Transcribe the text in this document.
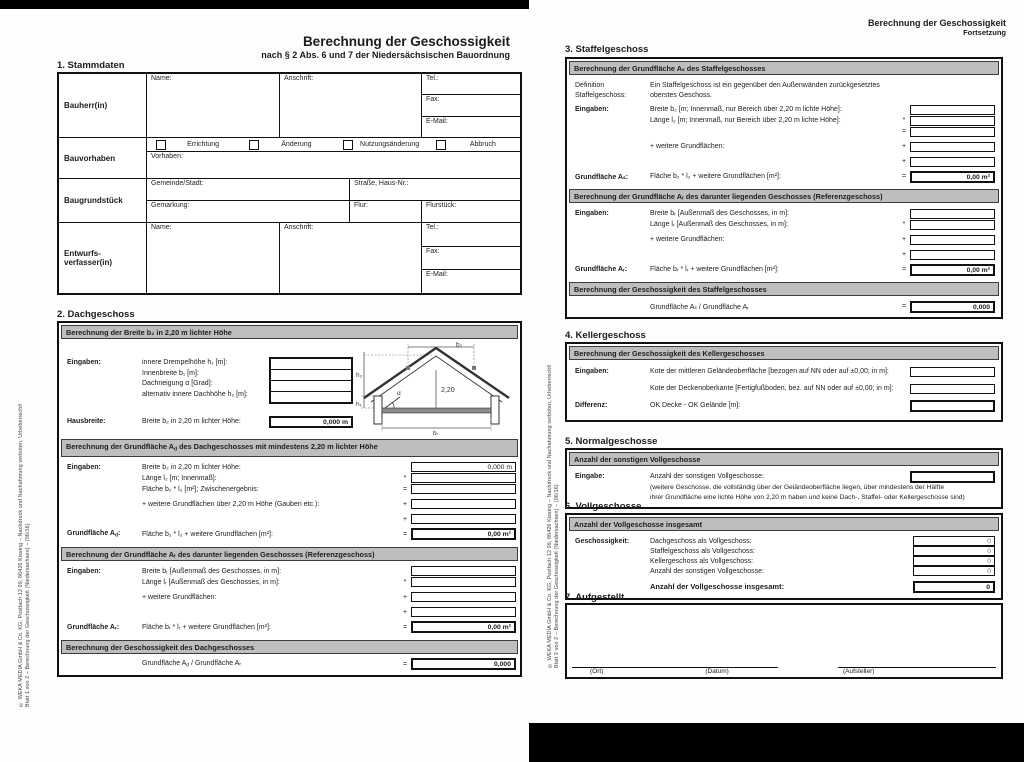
© WEKA MEDIA GmbH & Co. KG, Postfach 12 09, 86426 Kissing – Nachdruck und Nachahmung verboten, Urheberrecht! Blatt 1 von 2 – Berechnung der Geschossigkeit (Niedersachsen) – (06/16)
Berechnung der Geschossigkeit
nach § 2 Abs. 6 und 7 der Niedersächsischen Bauordnung
1. Stammdaten
Bauherr(in)
Name:	Anschrift:	Tel.:
Fax:
E-Mail:
Bauvorhaben
Errichtung	Änderung	Nutzungsänderung	Abbruch
Vorhaben:
Baugrundstück
Gemeinde/Stadt:	Straße, Haus-Nr.:
Gemarkung:	Flur:	Flurstück:
Entwurfs-
verfasser(in)
Name:	Anschrift:	Tel.:
Fax:
E-Mail:
2. Dachgeschoss
Berechnung der Breite b₂ in 2,20 m lichter Höhe
Eingaben:	innere Drempelhöhe h₁ [m]:
Innenbreite b₁ [m]:
Dachneigung α [Grad]:
alternativ innere Dachhöhe h₂ [m]:
b₂
h₂
α	2,20
h₁
b₁
Hausbreite:	Breite b₂ in 2,20 m lichter Höhe:	0,000 m
Berechnung der Grundfläche $A_d$ des Dachgeschosses mit mindestens 2,20 m lichter Höhe
Eingaben:	Breite b₂ in 2,20 m lichter Höhe:	0,000 m
Länge l₂ [m; Innenmaß]:	*
Fläche b₂ * l₂ [m²]; Zwischenergebnis:	=
+ weitere Grundflächen über 2,20 m Höhe (Gauben etc.):	+
+
Grundfläche $A_d$:	Fläche b₂ * l₂ + weitere Grundflächen [m²]:	=	0,00 m²
Berechnung der Grundfläche Aᵣ des darunter liegenden Geschosses (Referenzgeschoss)
Eingaben:	Breite bᵣ [Außenmaß des Geschosses, in m]:
Länge lᵣ [Außenmaß des Geschosses, in m]:	*
+ weitere Grundflächen:	+
+
Grundfläche Aᵣ:	Fläche bᵣ * lᵣ + weitere Grundflächen [m²]:	=	0,00 m²
Berechnung der Geschossigkeit des Dachgeschosses
Grundfläche $A_d$ / Grundfläche Aᵣ	=	0,000	© WEKA MEDIA GmbH & Co. KG, Postfach 12 09, 86426 Kissing – Nachdruck und Nachahmung verboten, Urheberrecht! Blatt 2 von 2 – Berechnung der Geschossigkeit (Niedersachsen) – (06/16)
Berechnung der Geschossigkeit
Fortsetzung
3. Staffelgeschoss
Berechnung der Grundfläche Aₛ des Staffelgeschosses
Definition	Ein Staffelgeschoss ist ein gegenüber den Außenwänden zurückgesetztes
Staffelgeschoss:	oberstes Geschoss.
Eingaben:	Breite b₂ [m; Innenmaß, nur Bereich über 2,20 m lichte Höhe]:
Länge l₂ [m; Innenmaß, nur Bereich über 2,20 m lichte Höhe]:	*
=
+ weitere Grundflächen:	+
+
Grundfläche Aₛ:	Fläche b₂ * l₂ + weitere Grundflächen [m²]:	=	0,00 m²
Berechnung der Grundfläche Aᵣ des darunter liegenden Geschosses (Referenzgeschoss)
Eingaben:	Breite bᵣ [Außenmaß des Geschosses, in m]:
Länge lᵣ [Außenmaß des Geschosses, in m]:	*
+ weitere Grundflächen:	+
+
Grundfläche Aᵣ:	Fläche bᵣ * lᵣ + weitere Grundflächen [m²]:	=	0,00 m²
Berechnung der Geschossigkeit des Staffelgeschosses
Grundfläche Aₛ / Grundfläche Aᵣ	=	0,000
4. Kellergeschoss
Berechnung der Geschossigkeit des Kellergeschosses
Eingaben:	Kote der mittleren Geländeoberfläche [bezogen auf NN oder auf ±0,00; in m]:
Kote der Deckenoberkante [Fertigfußboden, bez. auf NN oder auf ±0,00; in m]:
Differenz:	OK Decke - OK Gelände [m]:
5. Normalgeschosse
Anzahl der sonstigen Vollgeschosse
Eingabe:	Anzahl der sonstigen Vollgeschosse:
(weitere Geschosse, die vollständig über der Geländeoberfläche liegen, über mindestens der Hälfte
ihrer Grundfläche eine lichte Höhe von 2,20 m haben und keine Dach-, Staffel- oder Kellergeschosse sind)
6. Vollgeschosse
Anzahl der Vollgeschosse insgesamt
Geschossigkeit:	Dachgeschoss als Vollgeschoss:	0
Staffelgeschoss als Vollgeschoss:	0
Kellergeschoss als Vollgeschoss:	0
Anzahl der sonstigen Vollgeschosse:	0
Anzahl der Vollgeschosse insgesamt:	0
7. Aufgestellt
(Ort)	(Datum)	(Aufsteller)
